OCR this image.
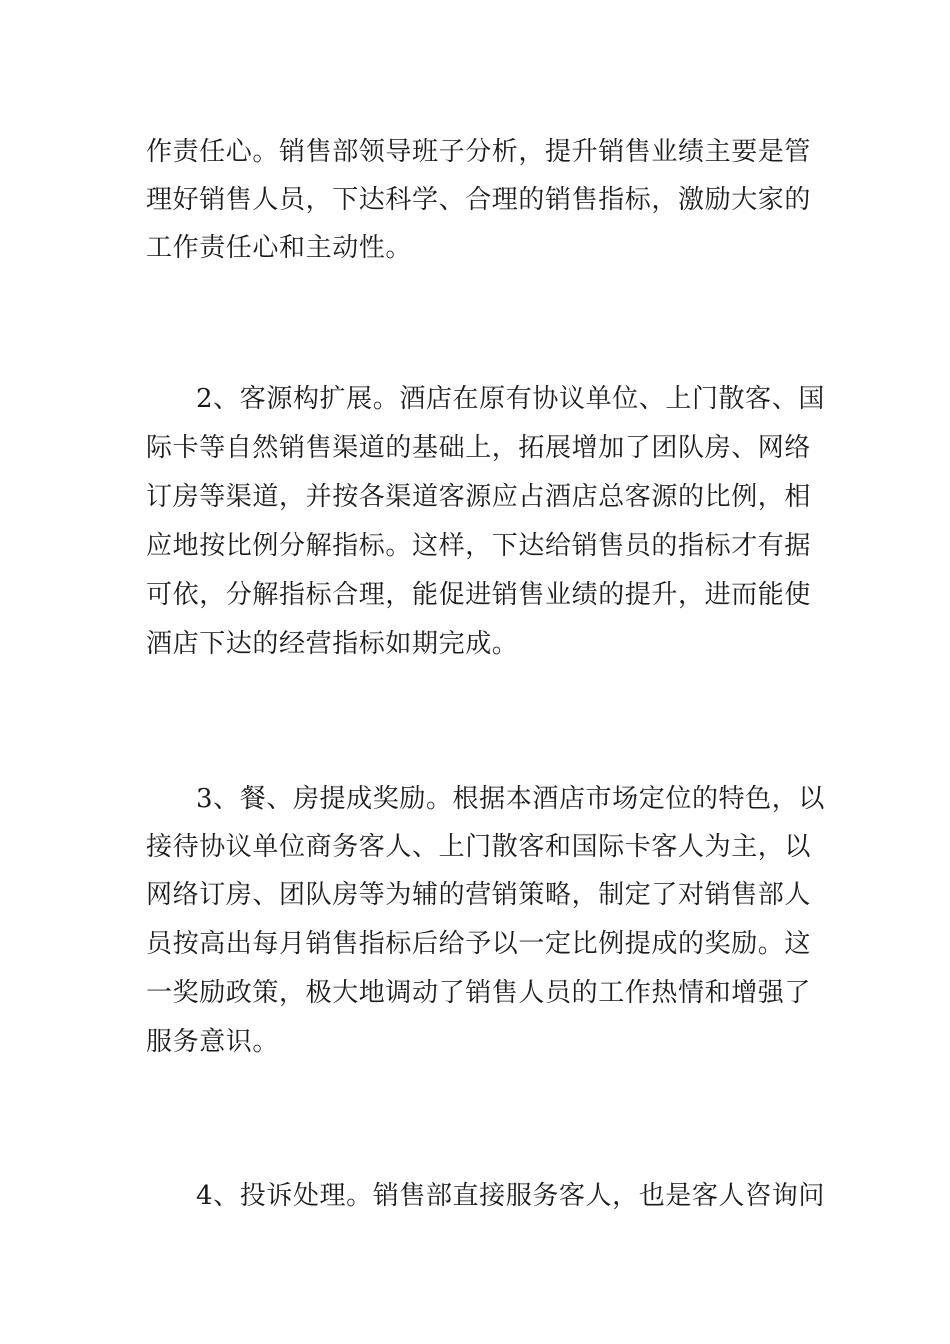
作责任心。销售部领导班子分析，提升销售业绩主要是管
理好销售人员，下达科学、合理的销售指标，激励大家的
工作责任心和主动性。
2、客源构扩展。酒店在原有协议单位、上门散客、国
际卡等自然销售渠道的基础上，拓展增加了团队房、网络
订房等渠道，并按各渠道客源应占酒店总客源的比例，相
应地按比例分解指标。这样，下达给销售员的指标才有据
可依，分解指标合理，能促进销售业绩的提升，进而能使
酒店下达的经营指标如期完成。
3、餐、房提成奖励。根据本酒店市场定位的特色，以
接待协议单位商务客人、上门散客和国际卡客人为主，以
网络订房、团队房等为辅的营销策略，制定了对销售部人
员按高出每月销售指标后给予以一定比例提成的奖励。这
一奖励政策，极大地调动了销售人员的工作热情和增强了
服务意识。
4、投诉处理。销售部直接服务客人，也是客人咨询问
